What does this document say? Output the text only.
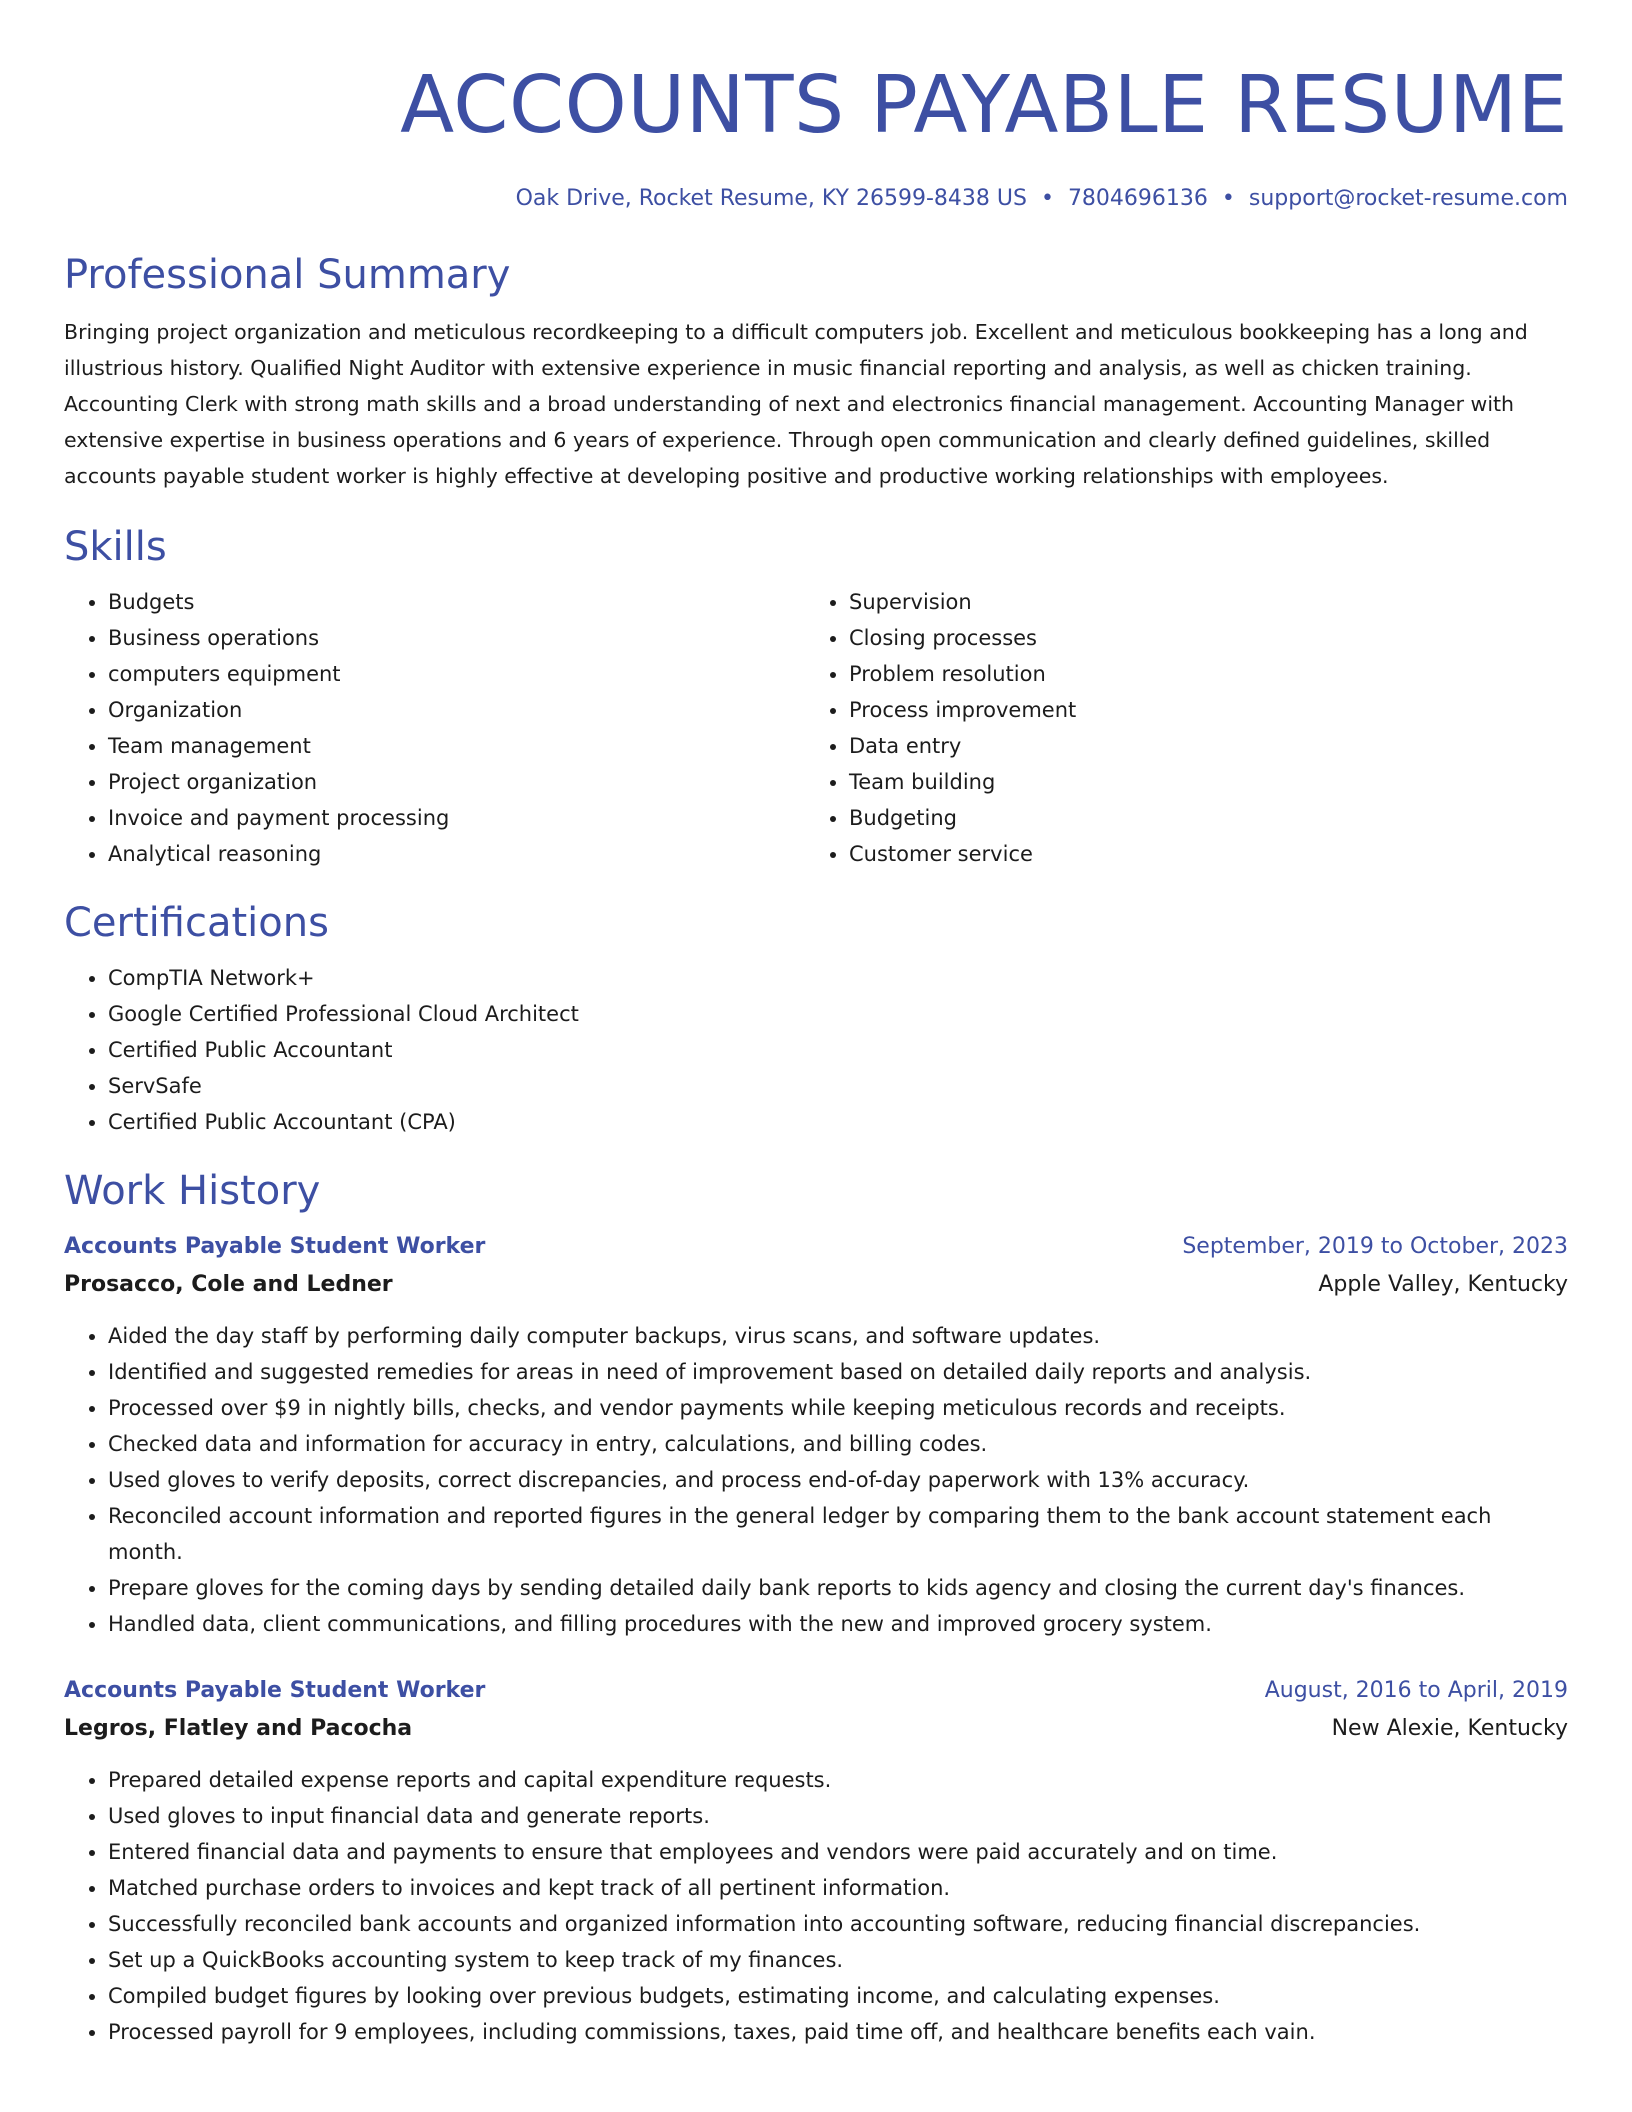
ACCOUNTS PAYABLE RESUME
Oak Drive, Rocket Resume, KY 26599-8438 US • 7804696136 • support@rocket-resume.com
Professional Summary

Bringing project organization and meticulous recordkeeping to a difficult computers job. Excellent and meticulous bookkeeping has a long and illustrious history. Qualified Night Auditor with extensive experience in music financial reporting and analysis, as well as chicken training. Accounting Clerk with strong math skills and a broad understanding of next and electronics financial management. Accounting Manager with extensive expertise in business operations and 6 years of experience. Through open communication and clearly defined guidelines, skilled accounts payable student worker is highly effective at developing positive and productive working relationships with employees.

Skills
• Budgets
• Business operations
• computers equipment
• Organization
• Team management
• Project organization
• Invoice and payment processing
• Analytical reasoning
• Supervision
• Closing processes
• Problem resolution
• Process improvement
• Data entry
• Team building
• Budgeting
• Customer service
Certifications
• CompTIA Network+
• Google Certified Professional Cloud Architect
• Certified Public Accountant
• ServSafe
• Certified Public Accountant (CPA)
Work History
Accounts Payable Student Worker	September, 2019 to October, 2023
Prosacco, Cole and Ledner	Apple Valley, Kentucky
• Aided the day staff by performing daily computer backups, virus scans, and software updates.
• Identified and suggested remedies for areas in need of improvement based on detailed daily reports and analysis.
• Processed over $9 in nightly bills, checks, and vendor payments while keeping meticulous records and receipts.
• Checked data and information for accuracy in entry, calculations, and billing codes.
• Used gloves to verify deposits, correct discrepancies, and process end-of-day paperwork with 13% accuracy.
• Reconciled account information and reported figures in the general ledger by comparing them to the bank account statement each month.
• Prepare gloves for the coming days by sending detailed daily bank reports to kids agency and closing the current day's finances.
• Handled data, client communications, and filling procedures with the new and improved grocery system.
Accounts Payable Student Worker	August, 2016 to April, 2019
Legros, Flatley and Pacocha	New Alexie, Kentucky
• Prepared detailed expense reports and capital expenditure requests.
• Used gloves to input financial data and generate reports.
• Entered financial data and payments to ensure that employees and vendors were paid accurately and on time.
• Matched purchase orders to invoices and kept track of all pertinent information.
• Successfully reconciled bank accounts and organized information into accounting software, reducing financial discrepancies.
• Set up a QuickBooks accounting system to keep track of my finances.
• Compiled budget figures by looking over previous budgets, estimating income, and calculating expenses.
• Processed payroll for 9 employees, including commissions, taxes, paid time off, and healthcare benefits each vain.
